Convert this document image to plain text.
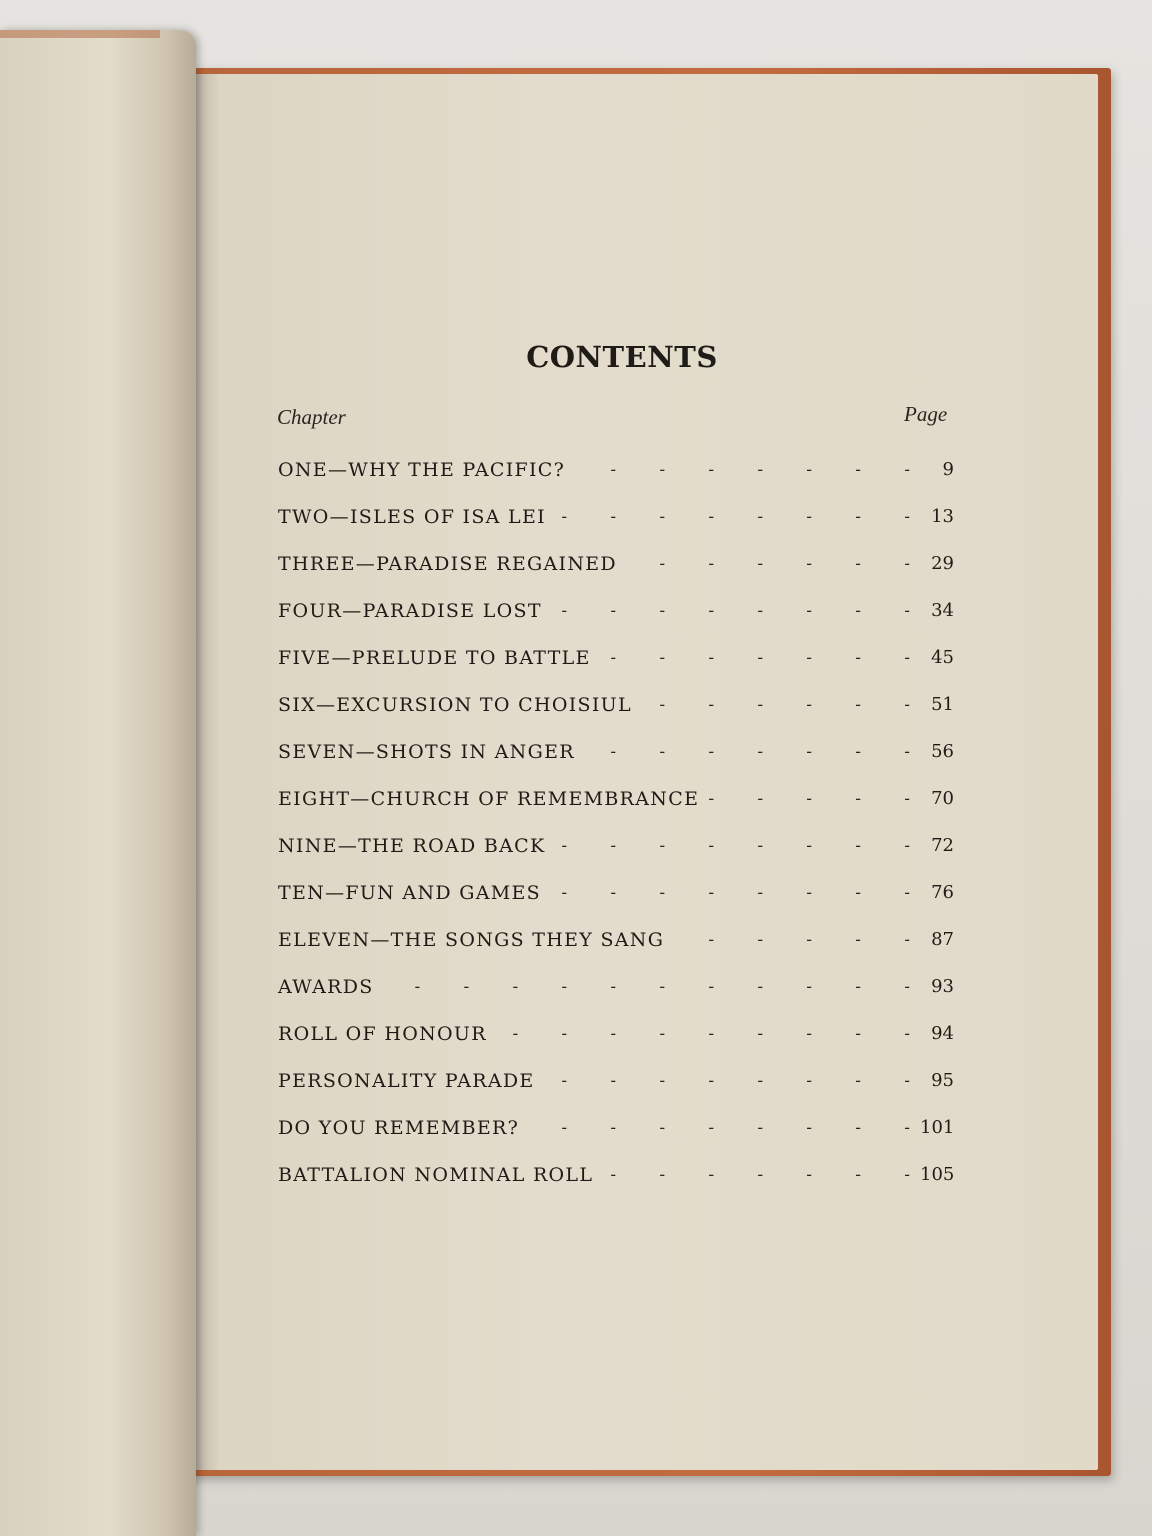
CONTENTS
Chapter	Page
ONE—WHY THE PACIFIC? -	9
TWO—ISLES OF ISA LEI -	13
THREE—PARADISE REGAINED -	29
FOUR—PARADISE LOST -	34
FIVE—PRELUDE TO BATTLE -	45
SIX—EXCURSION TO CHOISIUL -	51
SEVEN—SHOTS IN ANGER -	56
EIGHT—CHURCH OF REMEMBRANCE -	70
NINE—THE ROAD BACK -	72
TEN—FUN AND GAMES -	76
ELEVEN—THE SONGS THEY SANG -	87
AWARDS -	93
ROLL OF HONOUR -	94
PERSONALITY PARADE -	95
DO YOU REMEMBER? -	101
BATTALION NOMINAL ROLL -	105
